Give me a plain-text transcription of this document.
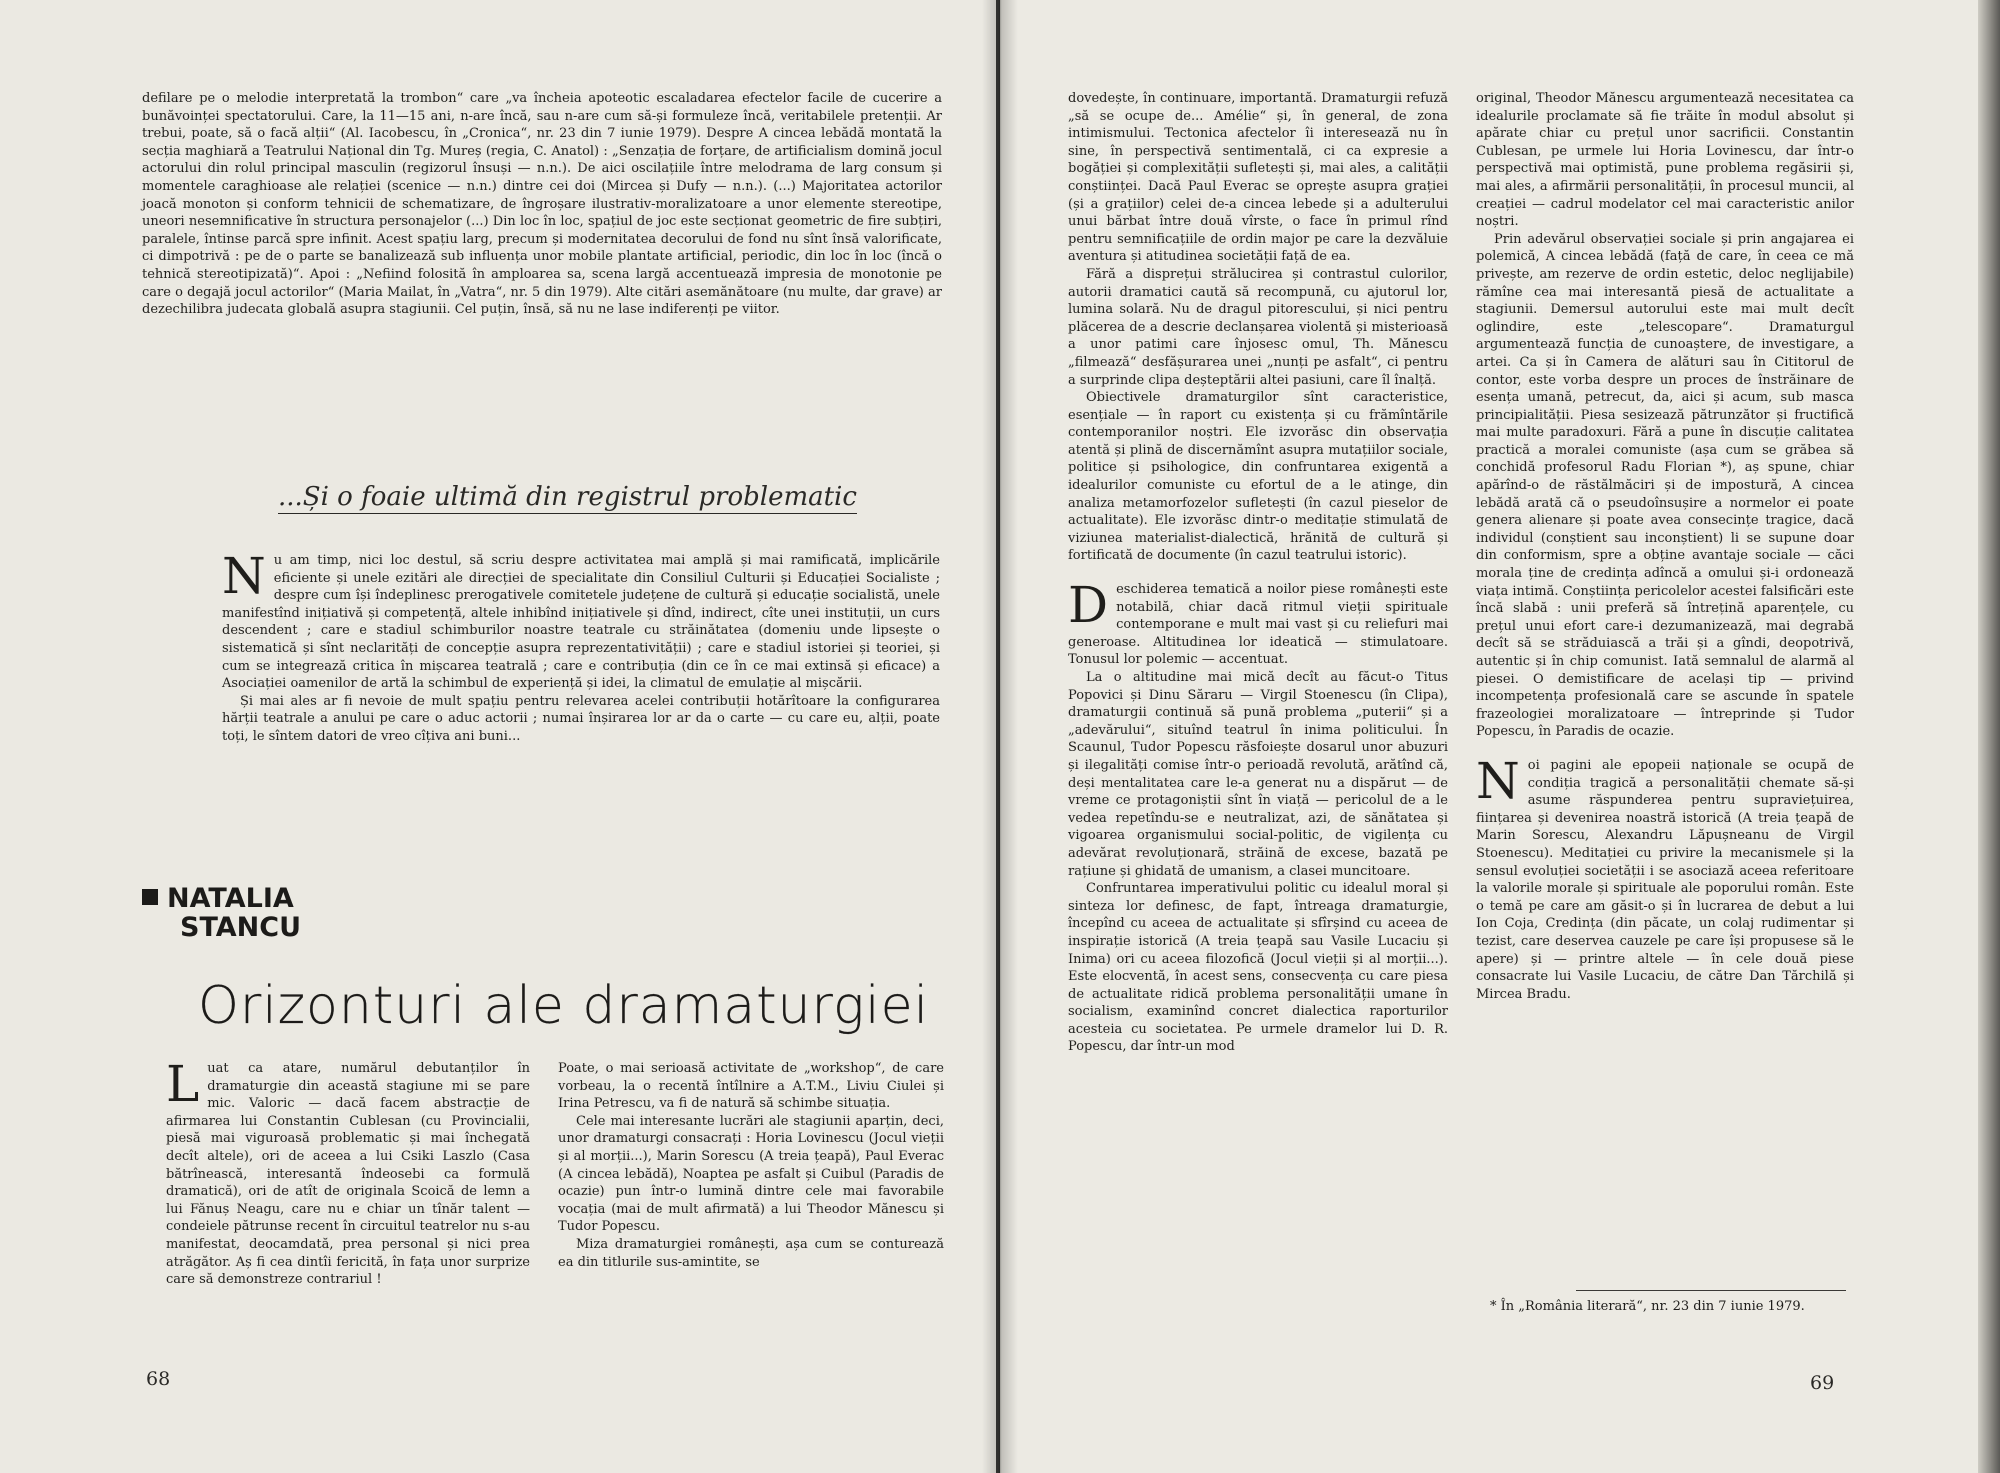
defilare pe o melodie interpretată la trombon“ care „va încheia apoteotic escaladarea efectelor facile de cucerire a bunăvoinței spectatorului. Care, la 11—15 ani, n-are încă, sau n-are cum să-și formuleze încă, veritabilele pretenții. Ar trebui, poate, să o facă alții“ (Al. Iacobescu, în „Cronica“, nr. 23 din 7 iunie 1979). Despre A cincea lebădă montată la secția maghiară a Teatrului Național din Tg. Mureș (regia, C. Anatol) : „Senzația de forțare, de artificialism domină jocul actorului din rolul principal masculin (regizorul însuși — n.n.). De aici oscilațiile între melodrama de larg consum și momentele caraghioase ale relației (scenice — n.n.) dintre cei doi (Mircea și Dufy — n.n.). (...) Majoritatea actorilor joacă monoton și conform tehnicii de schematizare, de îngroșare ilustrativ-moralizatoare a unor elemente stereotipe, uneori nesemnificative în structura personajelor (...) Din loc în loc, spațiul de joc este secționat geometric de fire subțiri, paralele, întinse parcă spre infinit. Acest spațiu larg, precum și modernitatea decorului de fond nu sînt însă valorificate, ci dimpotrivă : pe de o parte se banalizează sub influența unor mobile plantate artificial, periodic, din loc în loc (încă o tehnică stereotipizată)“. Apoi : „Nefiind folosită în amploarea sa, scena largă accentuează impresia de monotonie pe care o degajă jocul actorilor“ (Maria Mailat, în „Vatra“, nr. 5 din 1979). Alte citări asemănătoare (nu multe, dar grave) ar dezechilibra judecata globală asupra stagiunii. Cel puțin, însă, să nu ne lase indiferenți pe viitor.

...Și o foaie ultimă din registrul problematic
N u am timp, nici loc destul, să scriu despre activitatea mai amplă și mai ramificată, implicările eficiente și unele ezitări ale direcției de specialitate din Consiliul Culturii și Educației Socialiste ; despre cum își îndeplinesc prerogativele comitetele județene de cultură și educație socialistă, unele manifestînd inițiativă și competență, altele inhibînd inițiativele și dînd, indirect, cîte unei instituții, un curs descendent ; care e stadiul schimburilor noastre teatrale cu străinătatea (domeniu unde lipsește o sistematică și sînt neclarități de concepție asupra reprezentativității) ; care e stadiul istoriei și teoriei, și cum se integrează critica în mișcarea teatrală ; care e contribuția (din ce în ce mai extinsă și eficace) a Asociației oamenilor de artă la schimbul de experiență și idei, la climatul de emulație al mișcării.

Și mai ales ar fi nevoie de mult spațiu pentru relevarea acelei contribuții hotărîtoare la configurarea hărții teatrale a anului pe care o aduc actorii ; numai înșirarea lor ar da o carte — cu care eu, alții, poate toți, le sîntem datori de vreo cîțiva ani buni...

NATALIA
STANCU
Orizonturi ale dramaturgiei
L uat ca atare, numărul debutanților în dramaturgie din această stagiune mi se pare mic. Valoric — dacă facem abstracție de afirmarea lui Constantin Cublesan (cu Provincialii, piesă mai viguroasă problematic și mai închegată decît altele), ori de aceea a lui Csiki Laszlo (Casa bătrînească, interesantă îndeosebi ca formulă dramatică), ori de atît de originala Scoică de lemn a lui Fănuș Neagu, care nu e chiar un tînăr talent — condeiele pătrunse recent în circuitul teatrelor nu s-au manifestat, deocamdată, prea personal și nici prea atrăgător. Aș fi cea dintîi fericită, în fața unor surprize care să demonstreze contrariul !

Poate, o mai serioasă activitate de „workshop“, de care vorbeau, la o recentă întîlnire a A.T.M., Liviu Ciulei și Irina Petrescu, va fi de natură să schimbe situația.

Cele mai interesante lucrări ale stagiunii aparțin, deci, unor dramaturgi consacrați : Horia Lovinescu (Jocul vieții și al morții...), Marin Sorescu (A treia țeapă), Paul Everac (A cincea lebădă), Noaptea pe asfalt și Cuibul (Paradis de ocazie) pun într-o lumină dintre cele mai favorabile vocația (mai de mult afirmată) a lui Theodor Mănescu și Tudor Popescu.

Miza dramaturgiei românești, așa cum se conturează ea din titlurile sus-amintite, se

68

dovedește, în continuare, importantă. Dramaturgii refuză „să se ocupe de... Amélie“ și, în general, de zona intimismului. Tectonica afectelor îi interesează nu în sine, în perspectivă sentimentală, ci ca expresie a bogăției și complexității sufletești și, mai ales, a calității conștiinței. Dacă Paul Everac se oprește asupra grației (și a grațiilor) celei de-a cincea lebede și a adulterului unui bărbat între două vîrste, o face în primul rînd pentru semnificațiile de ordin major pe care la dezvăluie aventura și atitudinea societății față de ea.

Fără a disprețui strălucirea și contrastul culorilor, autorii dramatici caută să recompună, cu ajutorul lor, lumina solară. Nu de dragul pitorescului, și nici pentru plăcerea de a descrie declanșarea violentă și misterioasă a unor patimi care înjosesc omul, Th. Mănescu „filmează“ desfășurarea unei „nunți pe asfalt“, ci pentru a surprinde clipa deșteptării altei pasiuni, care îl înalță.

Obiectivele dramaturgilor sînt caracteristice, esențiale — în raport cu existența și cu frămîntările contemporanilor noștri. Ele izvorăsc din observația atentă și plină de discernămînt asupra mutațiilor sociale, politice și psihologice, din confruntarea exigentă a idealurilor comuniste cu efortul de a le atinge, din analiza metamorfozelor sufletești (în cazul pieselor de actualitate). Ele izvorăsc dintr-o meditație stimulată de viziunea materialist-dialectică, hrănită de cultură și fortificată de documente (în cazul teatrului istoric).

D eschiderea tematică a noilor piese românești este notabilă, chiar dacă ritmul vieții spirituale contemporane e mult mai vast și cu reliefuri mai generoase. Altitudinea lor ideatică — stimulatoare. Tonusul lor polemic — accentuat.

La o altitudine mai mică decît au făcut-o Titus Popovici și Dinu Săraru — Virgil Stoenescu (în Clipa), dramaturgii continuă să pună problema „puterii“ și a „adevărului“, situînd teatrul în inima politicului. În Scaunul, Tudor Popescu răsfoiește dosarul unor abuzuri și ilegalități comise într-o perioadă revolută, arătînd că, deși mentalitatea care le-a generat nu a dispărut — de vreme ce protagoniștii sînt în viață — pericolul de a le vedea repetîndu-se e neutralizat, azi, de sănătatea și vigoarea organismului social-politic, de vigilența cu adevărat revoluționară, străină de excese, bazată pe rațiune și ghidată de umanism, a clasei muncitoare.

Confruntarea imperativului politic cu idealul moral și sinteza lor definesc, de fapt, întreaga dramaturgie, începînd cu aceea de actualitate și sfîrșind cu aceea de inspirație istorică (A treia țeapă sau Vasile Lucaciu și Inima) ori cu aceea filozofică (Jocul vieții și al morții...). Este elocventă, în acest sens, consecvența cu care piesa de actualitate ridică problema personalității umane în socialism, examinînd concret dialectica raporturilor acesteia cu societatea. Pe urmele dramelor lui D. R. Popescu, dar într-un mod

original, Theodor Mănescu argumentează necesitatea ca idealurile proclamate să fie trăite în modul absolut și apărate chiar cu prețul unor sacrificii. Constantin Cublesan, pe urmele lui Horia Lovinescu, dar într-o perspectivă mai optimistă, pune problema regăsirii și, mai ales, a afirmării personalității, în procesul muncii, al creației — cadrul modelator cel mai caracteristic anilor noștri.

Prin adevărul observației sociale și prin angajarea ei polemică, A cincea lebădă (față de care, în ceea ce mă privește, am rezerve de ordin estetic, deloc neglijabile) rămîne cea mai interesantă piesă de actualitate a stagiunii. Demersul autorului este mai mult decît oglindire, este „telescopare“. Dramaturgul argumentează funcția de cunoaștere, de investigare, a artei. Ca și în Camera de alături sau în Cititorul de contor, este vorba despre un proces de înstrăinare de esența umană, petrecut, da, aici și acum, sub masca principialității. Piesa sesizează pătrunzător și fructifică mai multe paradoxuri. Fără a pune în discuție calitatea practică a moralei comuniste (așa cum se grăbea să conchidă profesorul Radu Florian *), aș spune, chiar apărînd-o de răstălmăciri și de impostură, A cincea lebădă arată că o pseudoînsușire a normelor ei poate genera alienare și poate avea consecințe tragice, dacă individul (conștient sau inconștient) li se supune doar din conformism, spre a obține avantaje sociale — căci morala ține de credința adîncă a omului și-i ordonează viața intimă. Conștiința pericolelor acestei falsificări este încă slabă : unii preferă să întrețină aparențele, cu prețul unui efort care-i dezumanizează, mai degrabă decît să se străduiască a trăi și a gîndi, deopotrivă, autentic și în chip comunist. Iată semnalul de alarmă al piesei. O demistificare de același tip — privind incompetența profesională care se ascunde în spatele frazeologiei moralizatoare — întreprinde și Tudor Popescu, în Paradis de ocazie.

N oi pagini ale epopeii naționale se ocupă de condiția tragică a personalității chemate să-și asume răspunderea pentru supraviețuirea, ființarea și devenirea noastră istorică (A treia țeapă de Marin Sorescu, Alexandru Lăpușneanu de Virgil Stoenescu). Meditației cu privire la mecanismele și la sensul evoluției societății i se asociază aceea referitoare la valorile morale și spirituale ale poporului român. Este o temă pe care am găsit-o și în lucrarea de debut a lui Ion Coja, Credința (din păcate, un colaj rudimentar și tezist, care deservea cauzele pe care își propusese să le apere) și — printre altele — în cele două piese consacrate lui Vasile Lucaciu, de către Dan Tărchilă și Mircea Bradu.

* În „România literară“, nr. 23 din 7 iunie 1979.
69
